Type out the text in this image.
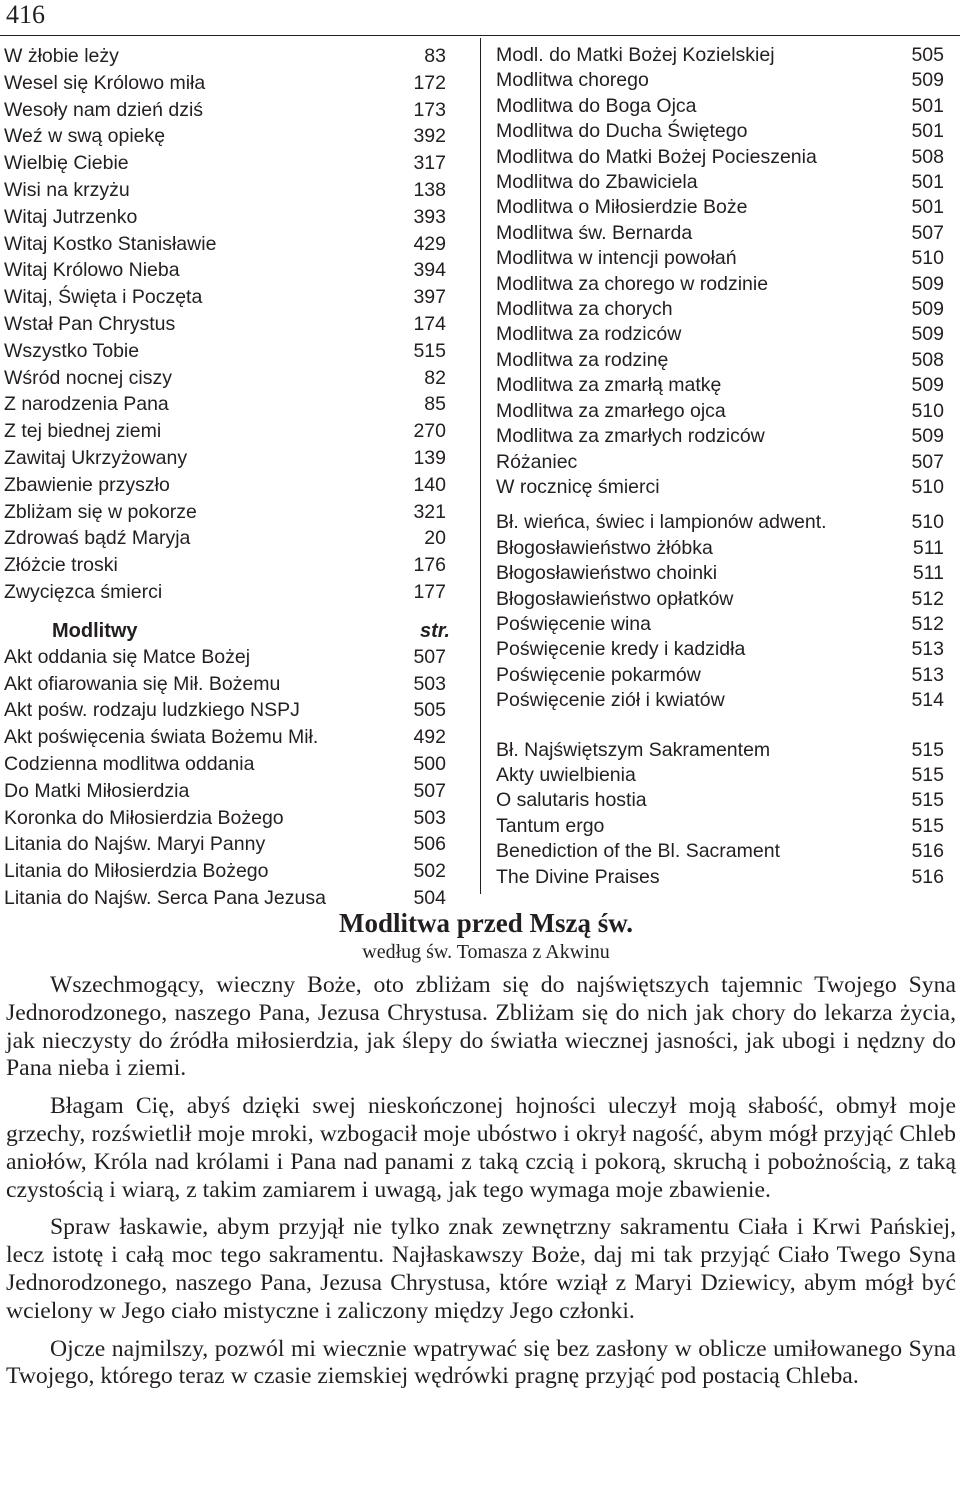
416
W żłobie leży	83
Wesel się Królowo miła	172
Wesoły nam dzień dziś	173
Weź w swą opiekę	392
Wielbię Ciebie	317
Wisi na krzyżu	138
Witaj Jutrzenko	393
Witaj Kostko Stanisławie	429
Witaj Królowo Nieba	394
Witaj, Święta i Poczęta	397
Wstał Pan Chrystus	174
Wszystko Tobie	515
Wśród nocnej ciszy	82
Z narodzenia Pana	85
Z tej biednej ziemi	270
Zawitaj Ukrzyżowany	139
Zbawienie przyszło	140
Zbliżam się w pokorze	321
Zdrowaś bądź Maryja	20
Złóżcie troski	176
Zwycięzca śmierci	177
Modlitwy	str.
Akt oddania się Matce Bożej	507
Akt ofiarowania się Mił. Bożemu	503
Akt pośw. rodzaju ludzkiego NSPJ	505
Akt poświęcenia świata Bożemu Mił.	492
Codzienna modlitwa oddania	500
Do Matki Miłosierdzia	507
Koronka do Miłosierdzia Bożego	503
Litania do Najśw. Maryi Panny	506
Litania do Miłosierdzia Bożego	502
Litania do Najśw. Serca Pana Jezusa	504
Modl. do Matki Bożej Kozielskiej	505
Modlitwa chorego	509
Modlitwa do Boga Ojca	501
Modlitwa do Ducha Świętego	501
Modlitwa do Matki Bożej Pocieszenia	508
Modlitwa do Zbawiciela	501
Modlitwa o Miłosierdzie Boże	501
Modlitwa św. Bernarda	507
Modlitwa w intencji powołań	510
Modlitwa za chorego w rodzinie	509
Modlitwa za chorych	509
Modlitwa za rodziców	509
Modlitwa za rodzinę	508
Modlitwa za zmarłą matkę	509
Modlitwa za zmarłego ojca	510
Modlitwa za zmarłych rodziców	509
Różaniec	507
W rocznicę śmierci	510
Bł. wieńca, świec i lampionów adwent.	510
Błogosławieństwo żłóbka	511
Błogosławieństwo choinki	511
Błogosławieństwo opłatków	512
Poświęcenie wina	512
Poświęcenie kredy i kadzidła	513
Poświęcenie pokarmów	513
Poświęcenie ziół i kwiatów	514
Bł. Najświętszym Sakramentem	515
Akty uwielbienia	515
O salutaris hostia	515
Tantum ergo	515
Benediction of the Bl. Sacrament	516
The Divine Praises	516
Modlitwa przed Mszą św.
według św. Tomasza z Akwinu

Wszechmogący, wieczny Boże, oto zbliżam się do najświętszych tajemnic Twojego Syna Jednorodzonego, naszego Pana, Jezusa Chrystusa. Zbliżam się do nich jak chory do lekarza życia, jak nieczysty do źródła miłosierdzia, jak ślepy do światła wiecznej jasności, jak ubogi i nędzny do Pana nieba i ziemi.

Błagam Cię, abyś dzięki swej nieskończonej hojności uleczył moją słabość, obmył moje grzechy, rozświetlił moje mroki, wzbogacił moje ubóstwo i okrył nagość, abym mógł przyjąć Chleb aniołów, Króla nad królami i Pana nad panami z taką czcią i pokorą, skruchą i pobożnością, z taką czystością i wiarą, z takim zamiarem i uwagą, jak tego wymaga moje zbawienie.

Spraw łaskawie, abym przyjął nie tylko znak zewnętrzny sakramentu Ciała i Krwi Pańskiej, lecz istotę i całą moc tego sakramentu. Najłaskawszy Boże, daj mi tak przyjąć Ciało Twego Syna Jednorodzonego, naszego Pana, Jezusa Chrystusa, które wziął z Maryi Dziewicy, abym mógł być wcielony w Jego ciało mistyczne i zaliczony między Jego członki.

Ojcze najmilszy, pozwól mi wiecznie wpatrywać się bez zasłony w oblicze umiłowanego Syna Twojego, którego teraz w czasie ziemskiej wędrówki pragnę przyjąć pod postacią Chleba.
